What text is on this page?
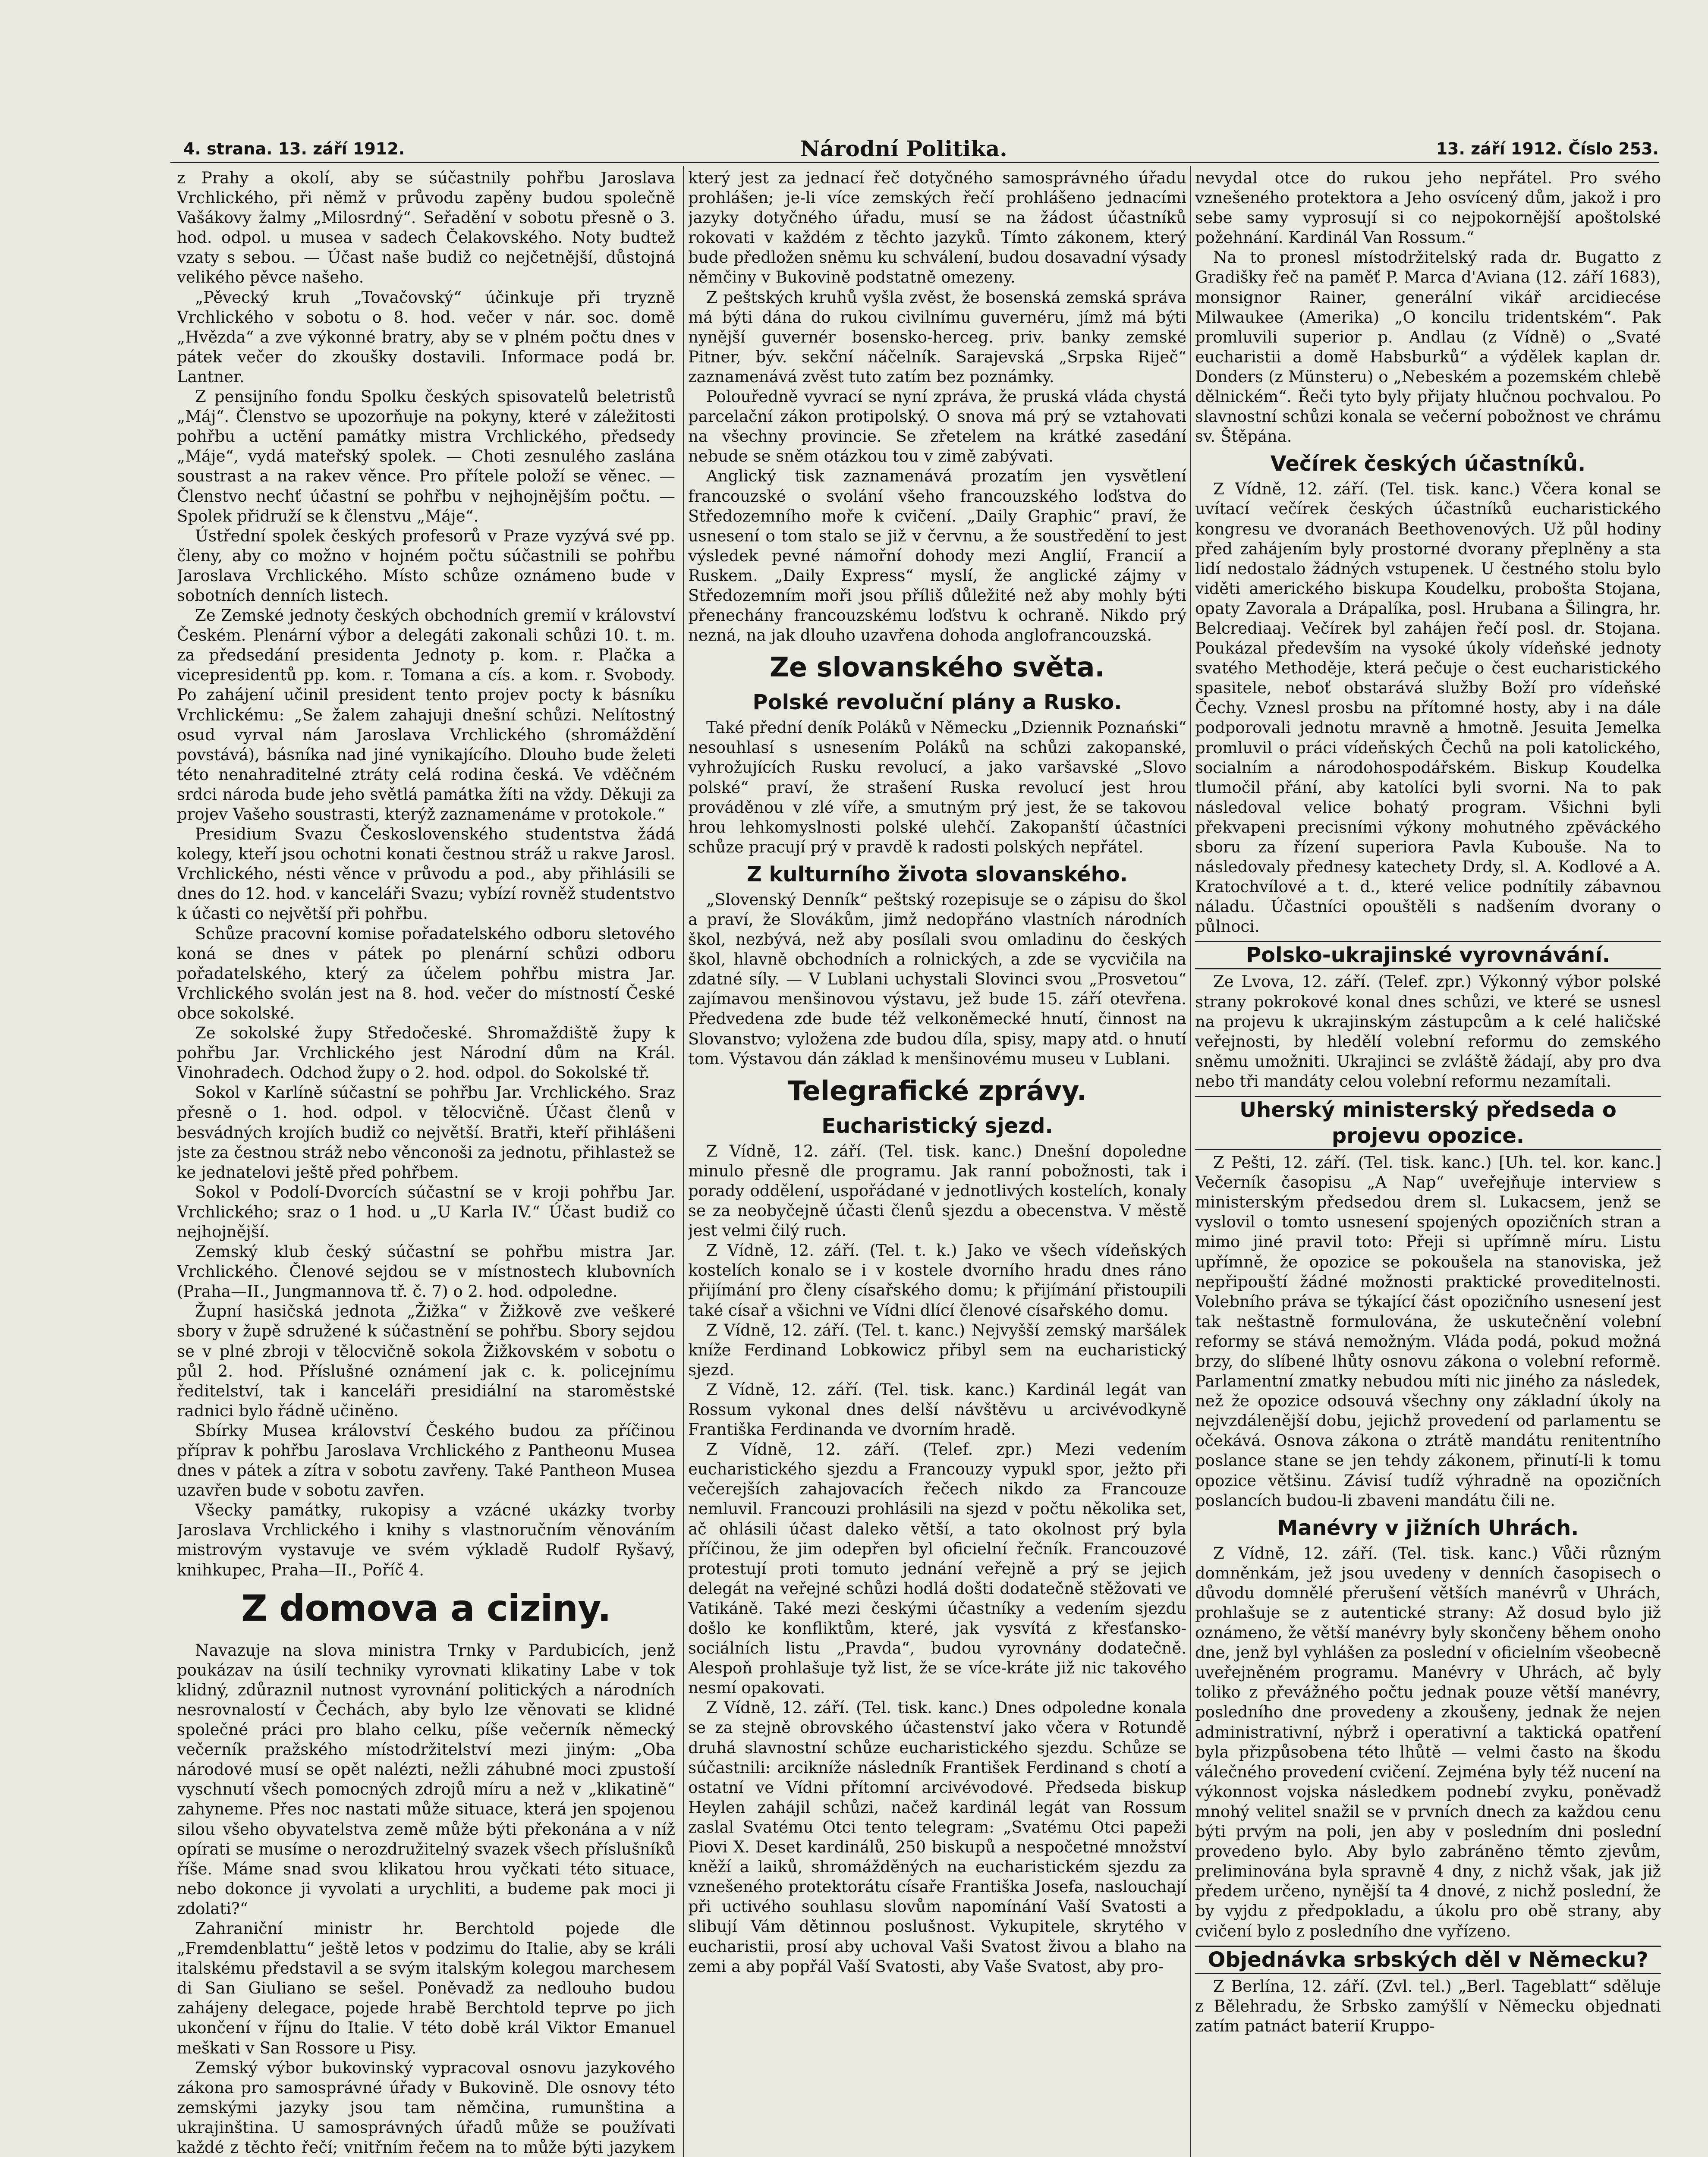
4. strana. 13. září 1912.	Národní Politika.	13. září 1912. Číslo 253.

z Prahy a okolí, aby se súčastnily pohřbu Jaroslava Vrchlického, při němž v průvodu zapěny budou společně Vašákovy žalmy „Milosrdný“. Seřadění v sobotu přesně o 3. hod. odpol. u musea v sadech Čelakovského. Noty budtež vzaty s sebou. — Účast naše budiž co nejčetnější, důstojná velikého pěvce našeho.

„Pěvecký kruh „Tovačovský“ účinkuje při tryzně Vrchlického v sobotu o 8. hod. večer v nár. soc. domě „Hvězda“ a zve výkonné bratry, aby se v plném počtu dnes v pátek večer do zkoušky dostavili. Informace podá br. Lantner.

Z pensijního fondu Spolku českých spisovatelů beletristů „Máj“. Členstvo se upozorňuje na pokyny, které v záležitosti pohřbu a uctění památky mistra Vrchlického, předsedy „Máje“, vydá mateřský spolek. — Choti zesnulého zaslána soustrast a na rakev věnce. Pro přítele položí se věnec. — Členstvo nechť účastní se pohřbu v nejhojnějším počtu. — Spolek přidruží se k členstvu „Máje“.

Ústřední spolek českých profesorů v Praze vyzývá své pp. členy, aby co možno v hojném počtu súčastnili se pohřbu Jaroslava Vrchlického. Místo schůze oznámeno bude v sobotních denních listech.

Ze Zemské jednoty českých obchodních gremií v království Českém. Plenární výbor a delegáti zakonali schůzi 10. t. m. za předsedání presidenta Jednoty p. kom. r. Plačka a vicepresidentů pp. kom. r. Tomana a cís. a kom. r. Svobody. Po zahájení učinil president tento projev pocty k básníku Vrchlickému: „Se žalem zahajuji dnešní schůzi. Nelítostný osud vyrval nám Jaroslava Vrchlického (shromáždění povstává), básníka nad jiné vynikajícího. Dlouho bude želeti této nenahraditelné ztráty celá rodina česká. Ve vděčném srdci národa bude jeho světlá památka žíti na vždy. Děkuji za projev Vašeho soustrasti, kterýž zaznamenáme v protokole.“

Presidium Svazu Československého studentstva žádá kolegy, kteří jsou ochotni konati čestnou stráž u rakve Jarosl. Vrchlického, nésti věnce v průvodu a pod., aby přihlásili se dnes do 12. hod. v kanceláři Svazu; vybízí rovněž studentstvo k účasti co největší při pohřbu.

Schůze pracovní komise pořadatelského odboru sletového koná se dnes v pátek po plenární schůzi odboru pořadatelského, který za účelem pohřbu mistra Jar. Vrchlického svolán jest na 8. hod. večer do místností České obce sokolské.

Ze sokolské župy Středočeské. Shromaždiště župy k pohřbu Jar. Vrchlického jest Národní dům na Král. Vinohradech. Odchod župy o 2. hod. odpol. do Sokolské tř.

Sokol v Karlíně súčastní se pohřbu Jar. Vrchlického. Sraz přesně o 1. hod. odpol. v tělocvičně. Účast členů v besvádných krojích budiž co největší. Bratři, kteří přihlášeni jste za čestnou stráž nebo věnconoši za jednotu, přihlastež se ke jednatelovi ještě před pohřbem.

Sokol v Podolí-Dvorcích súčastní se v kroji pohřbu Jar. Vrchlického; sraz o 1 hod. u „U Karla IV.“ Účast budiž co nejhojnější.

Zemský klub český súčastní se pohřbu mistra Jar. Vrchlického. Členové sejdou se v místnostech klubovních (Praha—II., Jungmannova tř. č. 7) o 2. hod. odpoledne.

Župní hasičská jednota „Žižka“ v Žižkově zve veškeré sbory v župě sdružené k súčastnění se pohřbu. Sbory sejdou se v plné zbroji v tělocvičně sokola Žižkovském v sobotu o půl 2. hod. Příslušné oznámení jak c. k. policejnímu ředitelství, tak i kanceláři presidiální na staroměstské radnici bylo řádně učiněno.

Sbírky Musea království Českého budou za příčinou příprav k pohřbu Jaroslava Vrchlického z Pantheonu Musea dnes v pátek a zítra v sobotu zavřeny. Také Pantheon Musea uzavřen bude v sobotu zavřen.

Všecky památky, rukopisy a vzácné ukázky tvorby Jaroslava Vrchlického i knihy s vlastnoručním věnováním mistrovým vystavuje ve svém výkladě Rudolf Ryšavý, knihkupec, Praha—II., Poříč 4.

Z domova a ciziny.

Navazuje na slova ministra Trnky v Pardubicích, jenž poukázav na úsilí techniky vyrovnati klikatiny Labe v tok klidný, zdůraznil nutnost vyrovnání politických a národních nesrovnalostí v Čechách, aby bylo lze věnovati se klidné společné práci pro blaho celku, píše večerník německý večerník pražského místodržitelství mezi jiným: „Oba národové musí se opět nalézti, nežli záhubné moci zpustoší vyschnutí všech pomocných zdrojů míru a než v „klikatině“ zahyneme. Přes noc nastati může situace, která jen spojenou silou všeho obyvatelstva země může býti překonána a v níž opírati se musíme o nerozdružitelný svazek všech příslušníků říše. Máme snad svou klikatou hrou vyčkati této situace, nebo dokonce ji vyvolati a urychliti, a budeme pak moci ji zdolati?“

Zahraniční ministr hr. Berchtold pojede dle „Fremdenblattu“ ještě letos v podzimu do Italie, aby se králi italskému představil a se svým italským kolegou marchesem di San Giuliano se sešel. Poněvadž za nedlouho budou zahájeny delegace, pojede hrabě Berchtold teprve po jich ukončení v říjnu do Italie. V této době král Viktor Emanuel meškati v San Rossore u Pisy.

Zemský výbor bukovinský vypracoval osnovu jazykového zákona pro samosprávné úřady v Bukovině. Dle osnovy této zemskými jazyky jsou tam němčina, rumunština a ukrajinština. U samosprávných úřadů může se používati každé z těchto řečí; vnitřním řečem na to může býti jazykem

který jest za jednací řeč dotyčného samosprávného úřadu prohlášen; je-li více zemských řečí prohlášeno jednacími jazyky dotyčného úřadu, musí se na žádost účastníků rokovati v každém z těchto jazyků. Tímto zákonem, který bude předložen sněmu ku schválení, budou dosavadní výsady němčiny v Bukovině podstatně omezeny.

Z peštských kruhů vyšla zvěst, že bosenská zemská správa má býti dána do rukou civilnímu guvernéru, jímž má býti nynější guvernér bosensko-herceg. priv. banky zemské Pitner, býv. sekční náčelník. Sarajevská „Srpska Riječ“ zaznamenává zvěst tuto zatím bez poznámky.

Polouředně vyvrací se nyní zpráva, že pruská vláda chystá parcelační zákon protipolský. O snova má prý se vztahovati na všechny provincie. Se zřetelem na krátké zasedání nebude se sněm otázkou tou v zimě zabývati.

Anglický tisk zaznamenává prozatím jen vysvětlení francouzské o svolání všeho francouzského loďstva do Středozemního moře k cvičení. „Daily Graphic“ praví, že usnesení o tom stalo se již v červnu, a že soustředění to jest výsledek pevné námořní dohody mezi Anglií, Francií a Ruskem. „Daily Express“ myslí, že anglické zájmy v Středozemním moři jsou příliš důležité než aby mohly býti přenechány francouzskému loďstvu k ochraně. Nikdo prý nezná, na jak dlouho uzavřena dohoda anglofrancouzská.

Ze slovanského světa.
Polské revoluční plány a Rusko.

Také přední deník Poláků v Německu „Dziennik Poznański“ nesouhlasí s usnesením Poláků na schůzi zakopanské, vyhrožujících Rusku revolucí, a jako varšavské „Slovo polské“ praví, že strašení Ruska revolucí jest hrou prováděnou v zlé víře, a smutným prý jest, že se takovou hrou lehkomyslnosti polské ulehčí. Zakopanští účastníci schůze pracují prý v pravdě k radosti polských nepřátel.

Z kulturního života slovanského.

„Slovenský Denník“ peštský rozepisuje se o zápisu do škol a praví, že Slovákům, jimž nedopřáno vlastních národních škol, nezbývá, než aby posílali svou omladinu do českých škol, hlavně obchodních a rolnických, a zde se vycvičila na zdatné síly. — V Lublani uchystali Slovinci svou „Prosvetou“ zajímavou menšinovou výstavu, jež bude 15. září otevřena. Předvedena zde bude též velkoněmecké hnutí, činnost na Slovanstvo; vyložena zde budou díla, spisy, mapy atd. o hnutí tom. Výstavou dán základ k menšinovému museu v Lublani.

Telegrafické zprávy.
Eucharistický sjezd.

Z Vídně, 12. září. (Tel. tisk. kanc.) Dnešní dopoledne minulo přesně dle programu. Jak ranní pobožnosti, tak i porady oddělení, uspořádané v jednotlivých kostelích, konaly se za neobyčejně účasti členů sjezdu a obecenstva. V městě jest velmi čilý ruch.

Z Vídně, 12. září. (Tel. t. k.) Jako ve všech vídeňských kostelích konalo se i v kostele dvorního hradu dnes ráno přijímání pro členy císařského domu; k přijímání přistoupili také císař a všichni ve Vídni dlící členové císařského domu.

Z Vídně, 12. září. (Tel. t. kanc.) Nejvyšší zemský maršálek kníže Ferdinand Lobkowicz přibyl sem na eucharistický sjezd.

Z Vídně, 12. září. (Tel. tisk. kanc.) Kardinál legát van Rossum vykonal dnes delší návštěvu u arcivévodkyně Františka Ferdinanda ve dvorním hradě.

Z Vídně, 12. září. (Telef. zpr.) Mezi vedením eucharistického sjezdu a Francouzy vypukl spor, ježto při večerejších zahajovacích řečech nikdo za Francouze nemluvil. Francouzi prohlásili na sjezd v počtu několika set, ač ohlásili účast daleko větší, a tato okolnost prý byla příčinou, že jim odepřen byl oficielní řečník. Francouzové protestují proti tomuto jednání veřejně a prý se jejich delegát na veřejné schůzi hodlá došti dodatečně stěžovati ve Vatikáně. Také mezi českými účastníky a vedením sjezdu došlo ke konfliktům, které, jak vysvítá z křesťansko-sociálních listu „Pravda“, budou vyrovnány dodatečně. Alespoň prohlašuje tyž list, že se více-kráte již nic takového nesmí opakovati.

Z Vídně, 12. září. (Tel. tisk. kanc.) Dnes odpoledne konala se za stejně obrovského účastenství jako včera v Rotundě druhá slavnostní schůze eucharistického sjezdu. Schůze se súčastnili: arcikníže následník František Ferdinand s chotí a ostatní ve Vídni přítomní arcivévodové. Předseda biskup Heylen zahájil schůzi, načež kardinál legát van Rossum zaslal Svatému Otci tento telegram: „Svatému Otci papeži Piovi X. Deset kardinálů, 250 biskupů a nespočetné množství kněží a laiků, shromážděných na eucharistickém sjezdu za vznešeného protektorátu císaře Františka Josefa, naslouchají při uctivého souhlasu slovům napomínání Vaší Svatosti a slibují Vám dětinnou poslušnost. Vykupitele, skrytého v eucharistii, prosí aby uchoval Vaši Svatost živou a blaho na zemi a aby popřál Vaší Svatosti, aby Vaše Svatost, aby pro-

nevydal otce do rukou jeho nepřátel. Pro svého vznešeného protektora a Jeho osvícený dům, jakož i pro sebe samy vyprosují si co nejpokornější apoštolské požehnání. Kardinál Van Rossum.“

Na to pronesl místodržitelský rada dr. Bugatto z Gradišky řeč na paměť P. Marca d'Aviana (12. září 1683), monsignor Rainer, generální vikář arcidiecése Milwaukee (Amerika) „O koncilu tridentském“. Pak promluvili superior p. Andlau (z Vídně) o „Svaté eucharistii a domě Habsburků“ a výdělek kaplan dr. Donders (z Münsteru) o „Nebeském a pozemském chlebě dělnickém“. Řeči tyto byly přijaty hlučnou pochvalou. Po slavnostní schůzi konala se večerní pobožnost ve chrámu sv. Štěpána.

Večírek českých účastníků.

Z Vídně, 12. září. (Tel. tisk. kanc.) Včera konal se uvítací večírek českých účastníků eucharistického kongresu ve dvoranách Beethovenových. Už půl hodiny před zahájením byly prostorné dvorany přeplněny a sta lidí nedostalo žádných vstupenek. U čestného stolu bylo viděti amerického biskupa Koudelku, proboštа Stojana, opaty Zavorala a Drápalíka, posl. Hrubana a Šilingra, hr. Belcrediaaj. Večírek byl zahájen řečí posl. dr. Stojana. Poukázal především na vysoké úkoly vídeňské jednoty svatého Methoděje, která pečuje o čest eucharistického spasitele, neboť obstarává služby Boží pro vídeňské Čechy. Vznesl prosbu na přítomné hosty, aby i na dále podporovali jednotu mravně a hmotně. Jesuita Jemelka promluvil o práci vídeňských Čechů na poli katolického, socialním a národohospodářském. Biskup Koudelka tlumočil přání, aby katolíci byli svorni. Na to pak následoval velice bohatý program. Všichni byli překvapeni precisními výkony mohutného zpěváckého sboru za řízení superiora Pavla Kubouše. Na to následovaly přednesy katechety Drdy, sl. A. Kodlové a A. Kratochvílové a t. d., které velice podnítily zábavnou náladu. Účastníci opouštěli s nadšením dvorany o půlnoci.

Polsko-ukrajinské vyrovnávání.

Ze Lvova, 12. září. (Telef. zpr.) Výkonný výbor polské strany pokrokové konal dnes schůzi, ve které se usnesl na projevu k ukrajinským zástupcům a k celé haličské veřejnosti, by hledělí volební reformu do zemského sněmu umožniti. Ukrajinci se zvláště žádají, aby pro dva nebo tři mandáty celou volební reformu nezamítali.

Uherský ministerský předseda o projevu opozice.

Z Pešti, 12. září. (Tel. tisk. kanc.) [Uh. tel. kor. kanc.] Večerník časopisu „A Nap“ uveřejňuje interview s ministerským předsedou drem sl. Lukacsem, jenž se vyslovil o tomto usnesení spojených opozičních stran a mimo jiné pravil toto: Přeji si upřímně míru. Listu upřímně, že opozice se pokoušela na stanoviska, jež nepřipouští žádné možnosti praktické proveditelnosti. Volebního práva se týkající část opozičního usnesení jest tak neštastně formulována, že uskutečnění volební reformy se stává nemožným. Vláda podá, pokud možná brzy, do slíbené lhůty osnovu zákona o volební reformě. Parlamentní zmatky nebudou míti nic jiného za následek, než že opozice odsouvá všechny ony základní úkoly na nejvzdálenější dobu, jejichž provedení od parlamentu se očekává. Osnova zákona o ztrátě mandátu renitentního poslance stane se jen tehdy zákonem, přinutí-li k tomu opozice většinu. Závisí tudíž výhradně na opozičních poslancích budou-li zbaveni mandátu čili ne.

Manévry v jižních Uhrách.

Z Vídně, 12. září. (Tel. tisk. kanc.) Vůči různým domněnkám, jež jsou uvedeny v denních časopisech o důvodu domnělé přerušení větších manévrů v Uhrách, prohlašuje se z autentické strany: Až dosud bylo již oznámeno, že větší manévry byly skončeny během onoho dne, jenž byl vyhlášen za poslední v oficielním všeobecně uveřejněném programu. Manévry v Uhrách, ač byly toliko z převážného počtu jednak pouze větší manévry, posledního dne provedeny a zkoušeny, jednak že nejen administrativní, nýbrž i operativní a taktická opatření byla přizpůsobena této lhůtě — velmi často na škodu válečného provedení cvičení. Zejména byly též nucení na výkonnost vojska následkem podnebí zvyku, poněvadž mnohý velitel snažil se v prvních dnech za každou cenu býti prvým na poli, jen aby v posledním dni poslední provedeno bylo. Aby bylo zabráněno těmto zjevům, preliminována byla spravně 4 dny, z nichž však, jak již předem určeno, nynější ta 4 dnové, z nichž poslední, že by vyjdu z předpokladu, a úkolu pro obě strany, aby cvičení bylo z posledního dne vyřízeno.

Objednávka srbských děl v Německu?

Z Berlína, 12. září. (Zvl. tel.) „Berl. Tageblatt“ sděluje z Bělehradu, že Srbsko zamýšlí v Německu objednati zatím patnáct baterií Kruppo-
